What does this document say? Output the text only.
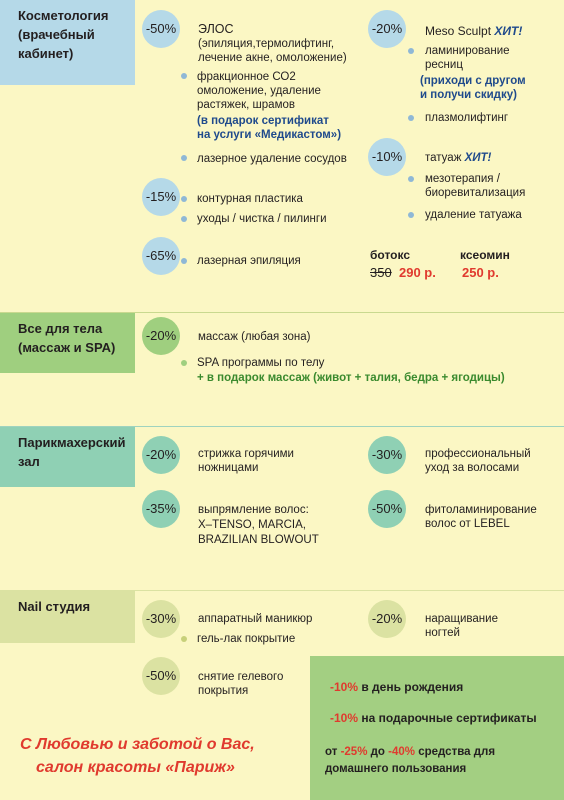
Косметология (врачебный кабинет)
-50%	ЭЛОС
(эпиляция,термолифтинг,
лечение акне, омоложение)
фракционное СО2
омоложение, удаление
растяжек, шрамов
(в подарок сертификат
на услуги «Медикастом»)
лазерное удаление сосудов
-15%	контурная пластика
уходы / чистка / пилинги
-65%	лазерная эпиляция
-20%	Meso Sculpt ХИТ!
ламинирование
ресниц
(приходи с другом
и получи скидку)
плазмолифтинг
-10%	татуаж ХИТ!
мезотерапия /
биоревитализация
удаление татуажа
ботокс
350 290 р.
ксеомин
250 р.
Все для тела (массаж и SPA)
-20%	массаж (любая зона)
SPA программы по телу
+ в подарок массаж (живот + талия, бедра + ягодицы)
Парикмахерский зал	-20%	стрижка горячими
ножницами
-35%	выпрямление волос:
X–TENSO, MARCIA,
BRAZILIAN BLOWOUT
-30%	профессиональный
уход за волосами
-50%	фитоламинирование
волос от LEBEL
Nail студия
-30%	аппаратный маникюр
гель-лак покрытие
-20%	наращивание
ногтей
-50%	снятие гелевого
покрытия	-10% в день рождения
-10% на подарочные сертификаты
от -25% до -40% средства для
домашнего пользования
С Любовью и заботой о Вас,
салон красоты «Париж»
